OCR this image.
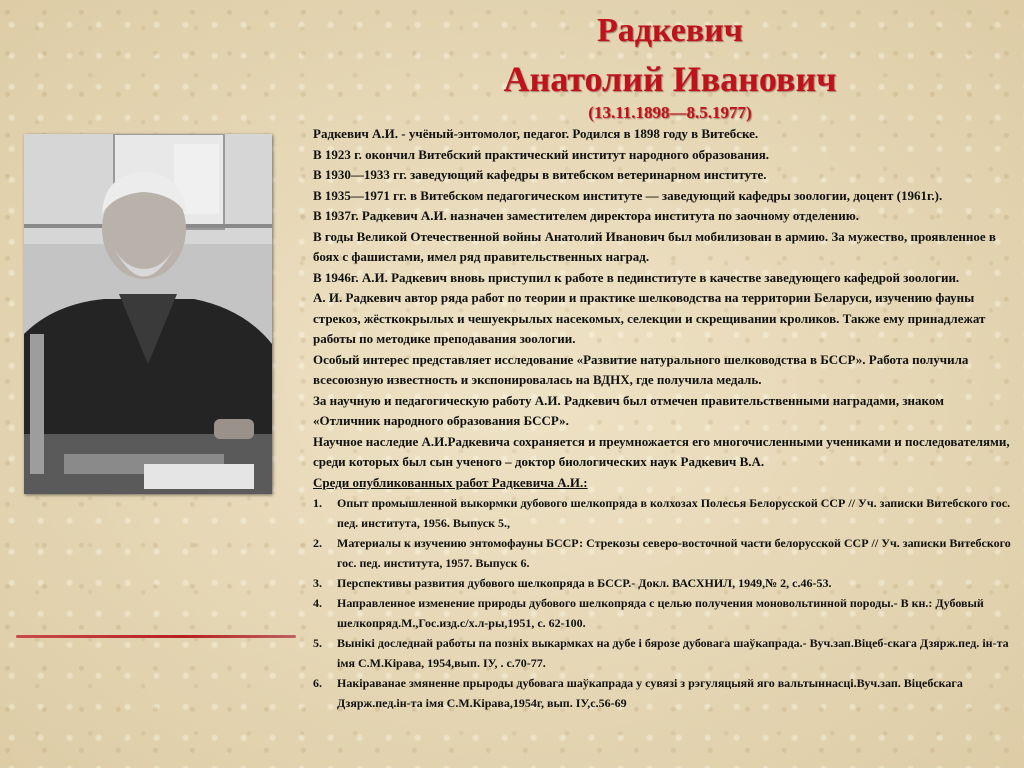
Радкевич
Анатолий Иванович
(13.11.1898—8.5.1977)

Радкевич А.И. - учёный-энтомолог, педагог. Родился в 1898 году в Витебске.

В 1923 г. окончил Витебский практический институт народного образования.

В 1930—1933 гг. заведующий кафедры в витебском ветеринарном институте.

В 1935—1971 гг. в Витебском педагогическом институте — заведующий кафедры зоологии, доцент (1961г.).

В 1937г. Радкевич А.И. назначен заместителем директора института по заочному отделению.

В годы Великой Отечественной войны Анатолий Иванович был мобилизован в армию. За мужество, проявленное в боях с фашистами, имел ряд правительственных наград.

В 1946г. А.И. Радкевич вновь приступил к работе в пединституте в качестве заведующего кафедрой зоологии.

А. И. Радкевич автор ряда работ по теории и практике шелководства на территории Беларуси, изучению фауны стрекоз, жёсткокрылых и чешуекрылых насекомых, селекции и скрещивании кроликов. Также ему принадлежат работы по методике преподавания зоологии.

Особый интерес представляет исследование «Развитие натурального шелководства в БССР». Работа получила всесоюзную известность и экспонировалась на ВДНХ, где получила медаль.

За научную и педагогическую работу А.И. Радкевич был отмечен правительственными наградами, знаком «Отличник народного образования БССР».

Научное наследие А.И.Радкевича сохраняется и преумножается его многочисленными учениками и последователями, среди которых был сын ученого – доктор биологических наук Радкевич В.А.

Среди опубликованных работ Радкевича А.И.:

1.	Опыт промышленной выкормки дубового шелкопряда в колхозах Полесья Белорусской ССР // Уч. записки Витебского гос. пед. института, 1956. Выпуск 5.,
2.	Материалы к изучению энтомофауны БССР: Стрекозы северо-восточной части белорусской ССР // Уч. записки Витебского гос. пед. института, 1957. Выпуск 6.
3.	Перспективы развития дубового шелкопряда в БССР.- Докл. ВАСХНИЛ, 1949,№ 2, с.46-53.
4.	Направленное изменение природы дубового шелкопряда с целью получения моновольтинной породы.- В кн.: Дубовый шелкопряд.М.,Гос.изд.с/х.л-ры,1951, с. 62-100.
5.	Вынікі доследнай работы па позніх выкармках на дубе і бярозе дубовага шаўкапрада.- Вуч.зап.Віцеб-скага Дзярж.пед. ін-та імя С.М.Кірава, 1954,вып. IУ, . с.70-77.
6.	Накіраванае змяненне прыроды дубовага шаўкапрада у сувязі з рэгуляцыяй яго вальтыннасці.Вуч.зап. Віцебскага Дзярж.пед.ін-та імя С.М.Кірава,1954г, вып. IУ,с.56-69
